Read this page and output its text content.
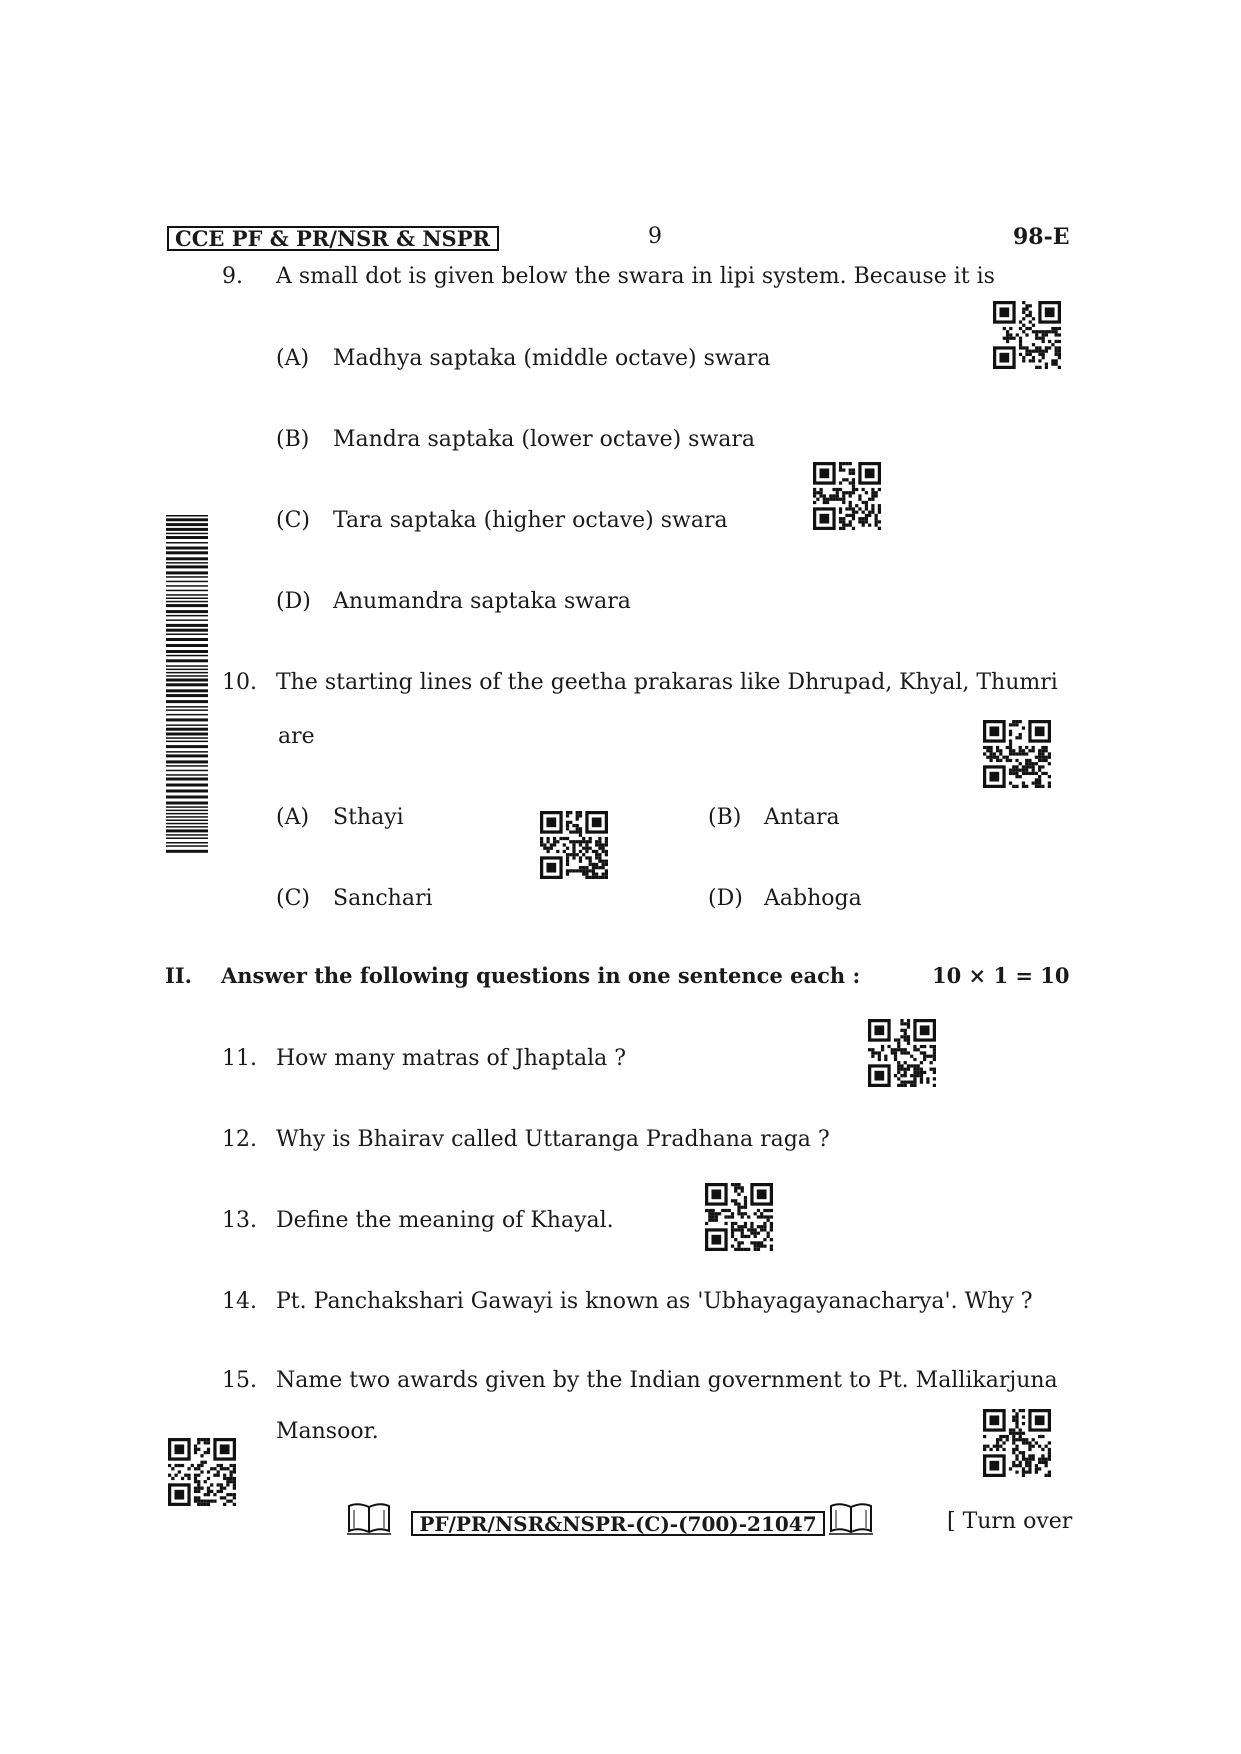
CCE PF & PR/NSR & NSPR	9	98-E
9. A small dot is given below the swara in lipi system. Because it is
(A) Madhya saptaka (middle octave) swara
(B) Mandra saptaka (lower octave) swara
(C) Tara saptaka (higher octave) swara
(D) Anumandra saptaka swara
10. The starting lines of the geetha prakaras like Dhrupad, Khyal, Thumri
are
(A) Sthayi	(B) Antara
(C) Sanchari	(D) Aabhoga
II. Answer the following questions in one sentence each :	10 × 1 = 10
11. How many matras of Jhaptala ?
12. Why is Bhairav called Uttaranga Pradhana raga ?
13. Define the meaning of Khayal.
14. Pt. Panchakshari Gawayi is known as 'Ubhayagayanacharya'. Why ?
15. Name two awards given by the Indian government to Pt. Mallikarjuna
Mansoor.
PF/PR/NSR&NSPR-(C)-(700)-21047	[ Turn over
